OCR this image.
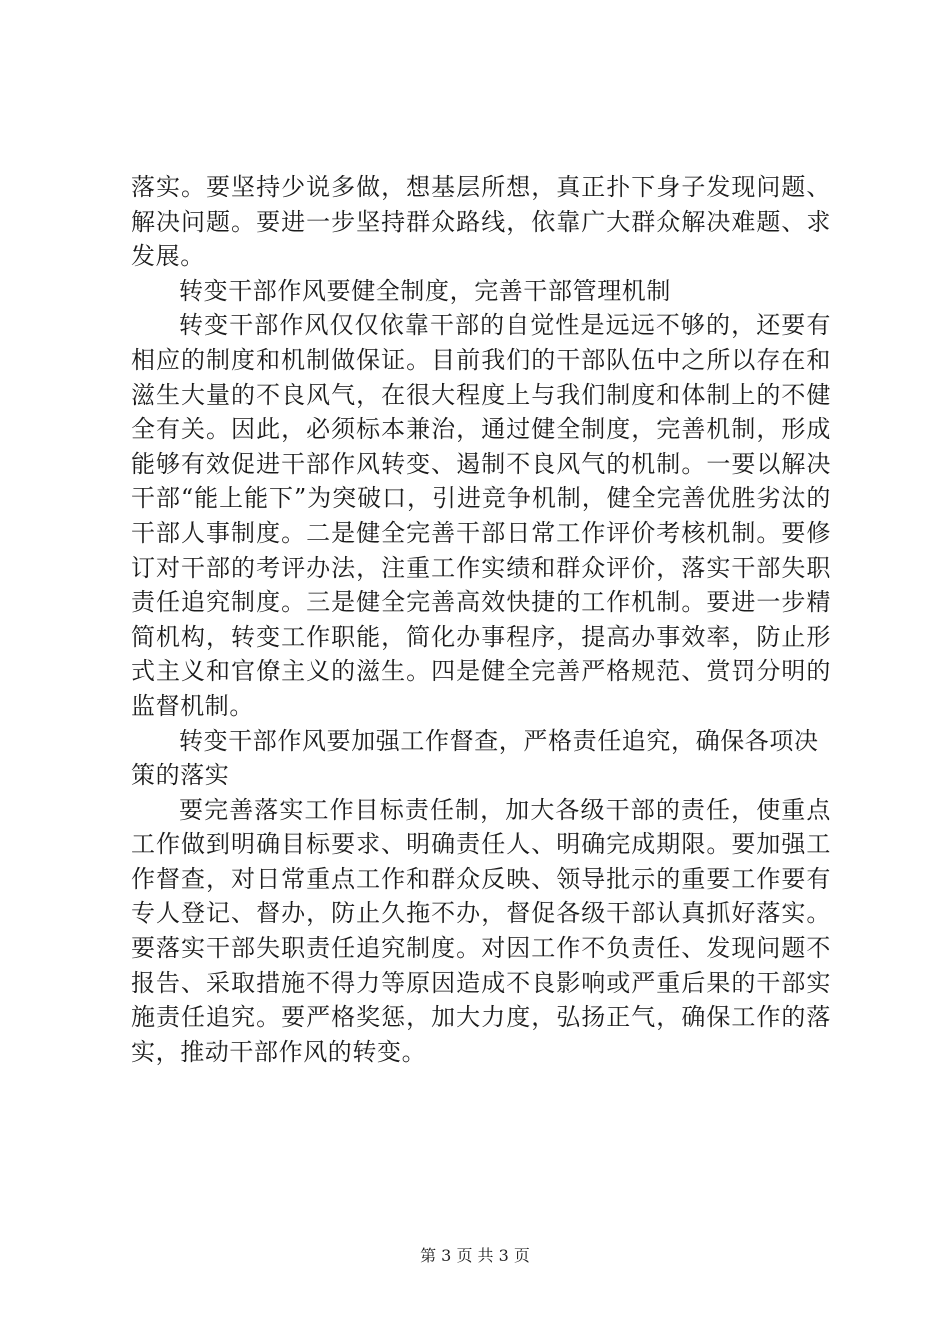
落实。要坚持少说多做，想基层所想，真正扑下身子发现问题、解决问题。要进一步坚持群众路线，依靠广大群众解决难题、求发展。

转变干部作风要健全制度，完善干部管理机制

转变干部作风仅仅依靠干部的自觉性是远远不够的，还要有相应的制度和机制做保证。目前我们的干部队伍中之所以存在和滋生大量的不良风气，在很大程度上与我们制度和体制上的不健全有关。因此，必须标本兼治，通过健全制度，完善机制，形成能够有效促进干部作风转变、遏制不良风气的机制。一要以解决干部“能上能下”为突破口，引进竞争机制，健全完善优胜劣汰的干部人事制度。二是健全完善干部日常工作评价考核机制。要修订对干部的考评办法，注重工作实绩和群众评价，落实干部失职责任追究制度。三是健全完善高效快捷的工作机制。要进一步精简机构，转变工作职能，简化办事程序，提高办事效率，防止形式主义和官僚主义的滋生。四是健全完善严格规范、赏罚分明的监督机制。

转变干部作风要加强工作督查，严格责任追究，确保各项决策的落实

要完善落实工作目标责任制，加大各级干部的责任，使重点工作做到明确目标要求、明确责任人、明确完成期限。要加强工作督查，对日常重点工作和群众反映、领导批示的重要工作要有专人登记、督办，防止久拖不办，督促各级干部认真抓好落实。要落实干部失职责任追究制度。对因工作不负责任、发现问题不报告、采取措施不得力等原因造成不良影响或严重后果的干部实施责任追究。要严格奖惩，加大力度，弘扬正气，确保工作的落实，推动干部作风的转变。

第 3 页 共 3 页
